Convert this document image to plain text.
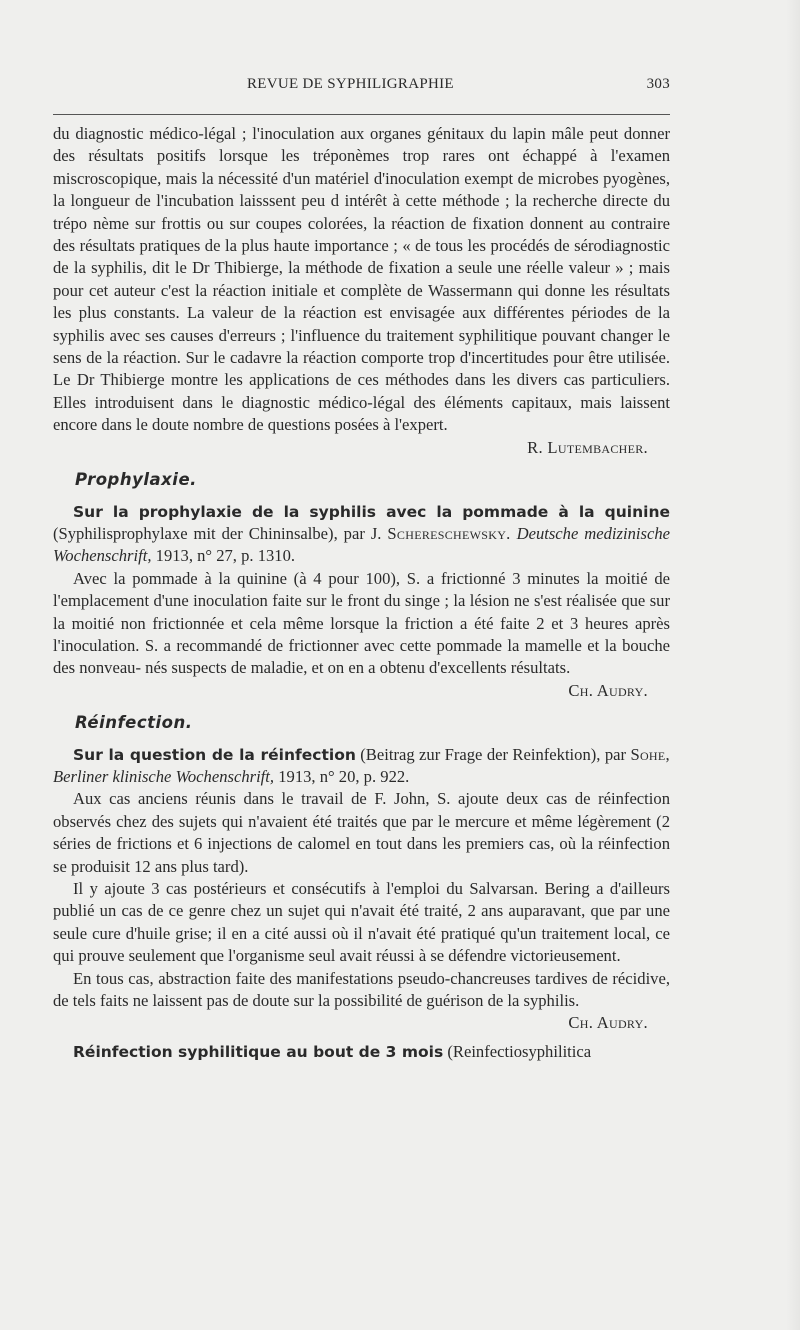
REVUE DE SYPHILIGRAPHIE	303

du diagnostic médico-légal ; l'inoculation aux organes génitaux du lapin mâle peut donner des résultats positifs lorsque les tréponèmes trop rares ont échappé à l'examen miscroscopique, mais la nécessité d'un matériel d'inoculation exempt de microbes pyogènes, la longueur de l'incubation laisssent peu d intérêt à cette méthode ; la recherche directe du trépo nème sur frottis ou sur coupes colorées, la réaction de fixation donnent au contraire des résultats pratiques de la plus haute importance ; « de tous les procédés de sérodiagnostic de la syphilis, dit le Dr Thibierge, la méthode de fixation a seule une réelle valeur » ; mais pour cet auteur c'est la réaction initiale et complète de Wassermann qui donne les résultats les plus constants. La valeur de la réaction est envisagée aux différentes périodes de la syphilis avec ses causes d'erreurs ; l'influence du traitement syphilitique pouvant changer le sens de la réaction. Sur le cadavre la réaction comporte trop d'incertitudes pour être utilisée. Le Dr Thibierge montre les applications de ces méthodes dans les divers cas particuliers. Elles introduisent dans le diagnostic médico-légal des éléments capitaux, mais laissent encore dans le doute nombre de questions posées à l'expert.

R. Lutembacher.

Prophylaxie.

Sur la prophylaxie de la syphilis avec la pommade à la quinine (Syphilisprophylaxe mit der Chininsalbe), par J. Schereschewsky. Deutsche medizinische Wochenschrift, 1913, n° 27, p. 1310.

Avec la pommade à la quinine (à 4 pour 100), S. a frictionné 3 minutes la moitié de l'emplacement d'une inoculation faite sur le front du singe ; la lésion ne s'est réalisée que sur la moitié non frictionnée et cela même lorsque la friction a été faite 2 et 3 heures après l'inoculation. S. a recommandé de frictionner avec cette pommade la mamelle et la bouche des nonveau- nés suspects de maladie, et on en a obtenu d'excellents résultats.

Ch. Audry.

Réinfection.

Sur la question de la réinfection (Beitrag zur Frage der Reinfektion), par Sohe, Berliner klinische Wochenschrift, 1913, n° 20, p. 922.

Aux cas anciens réunis dans le travail de F. John, S. ajoute deux cas de réinfection observés chez des sujets qui n'avaient été traités que par le mercure et même légèrement (2 séries de frictions et 6 injections de calomel en tout dans les premiers cas, où la réinfection se produisit 12 ans plus tard).

Il y ajoute 3 cas postérieurs et consécutifs à l'emploi du Salvarsan. Bering a d'ailleurs publié un cas de ce genre chez un sujet qui n'avait été traité, 2 ans auparavant, que par une seule cure d'huile grise; il en a cité aussi où il n'avait été pratiqué qu'un traitement local, ce qui prouve seulement que l'organisme seul avait réussi à se défendre victorieusement.

En tous cas, abstraction faite des manifestations pseudo-chancreuses tardives de récidive, de tels faits ne laissent pas de doute sur la possibilité de guérison de la syphilis.

Ch. Audry.

Réinfection syphilitique au bout de 3 mois (Reinfectiosyphilitica
